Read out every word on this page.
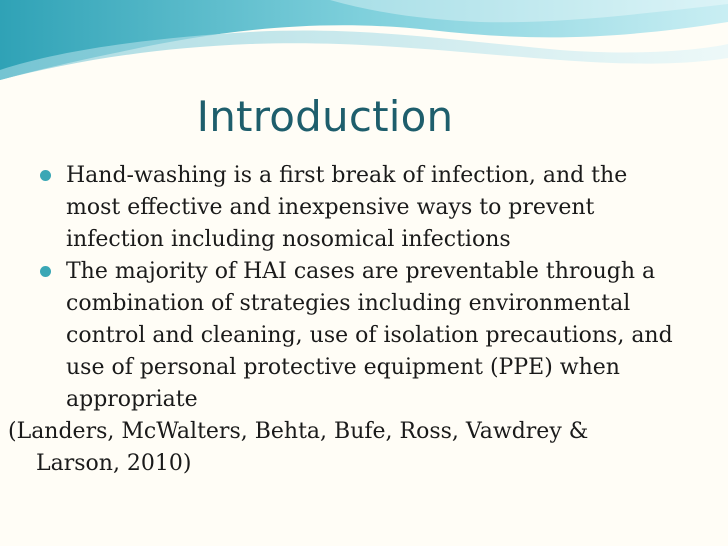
Introduction
Hand-washing is a first break of infection, and the most effective and inexpensive ways to prevent infection including nosomical infections
The majority of HAI cases are preventable through a combination of strategies including environmental control and cleaning, use of isolation precautions, and use of personal protective equipment (PPE) when appropriate
(Landers, McWalters, Behta, Bufe, Ross, Vawdrey &
Larson, 2010)
